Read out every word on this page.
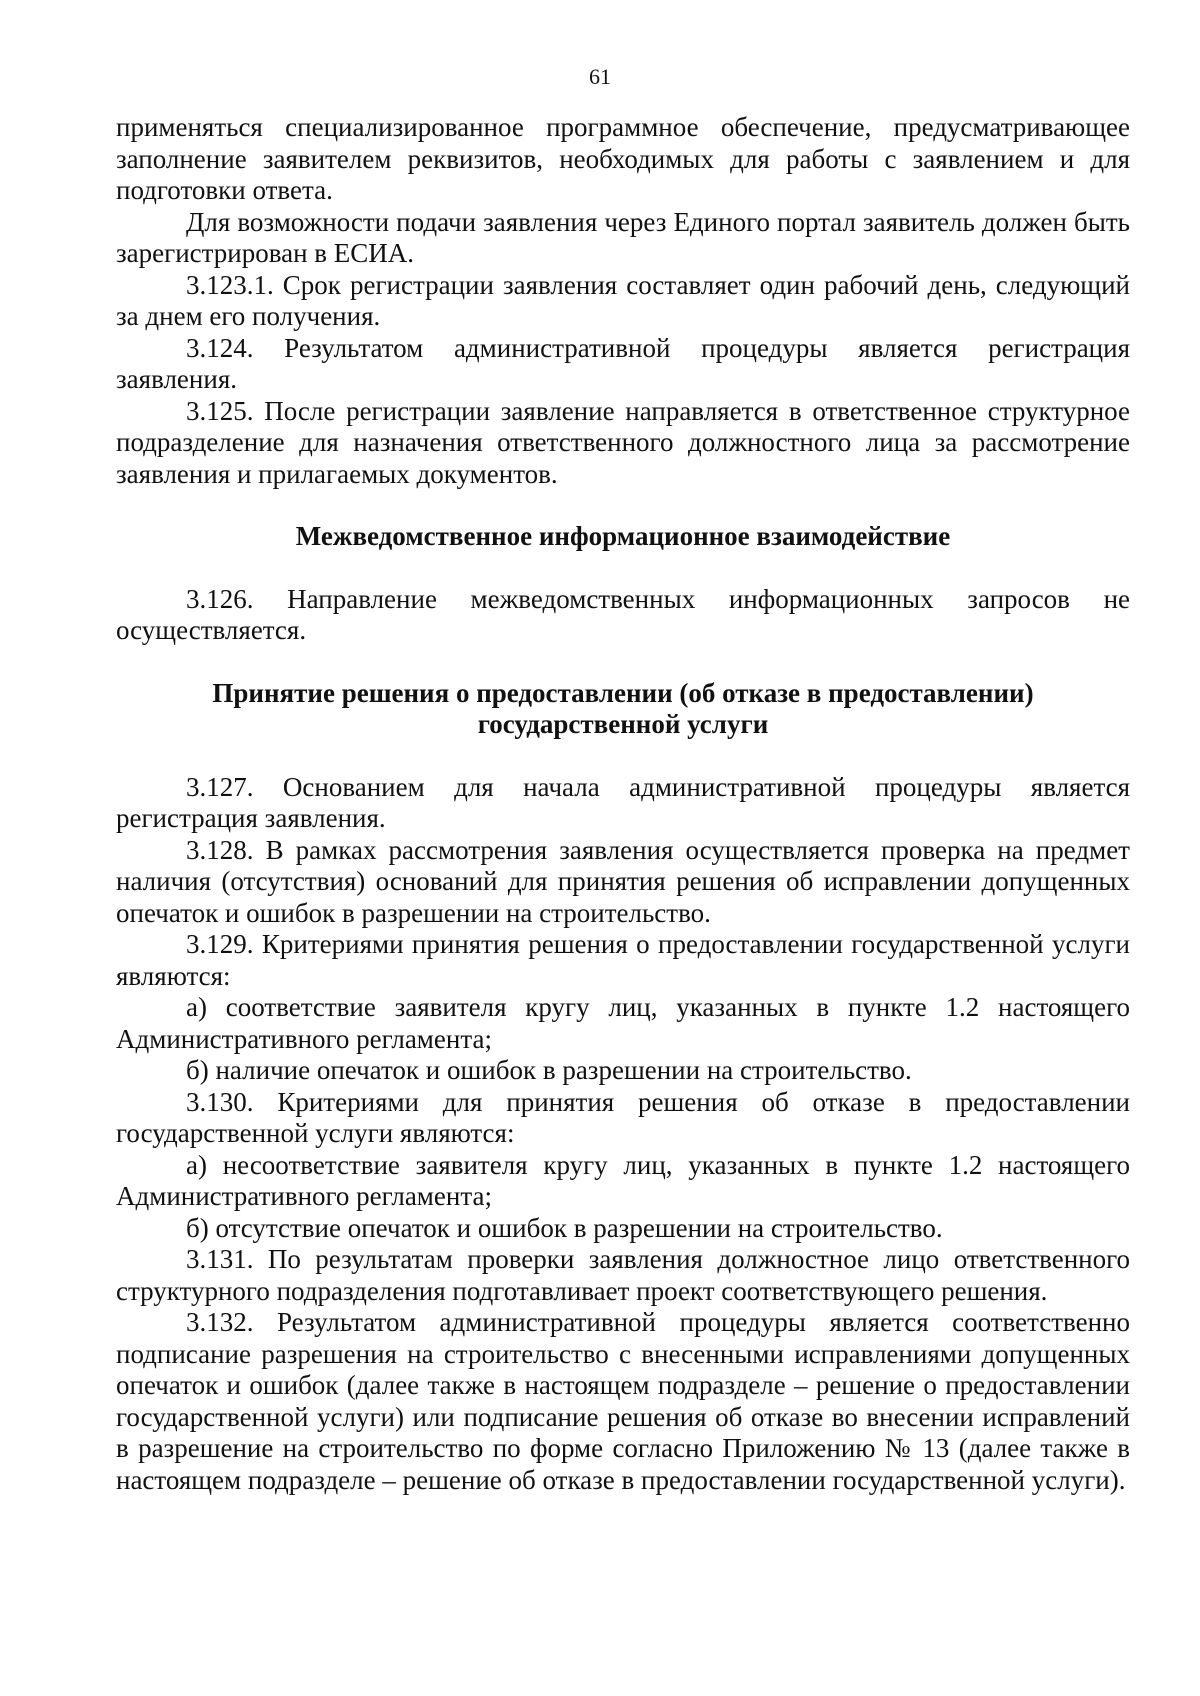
61

применяться специализированное программное обеспечение, предусматривающее заполнение заявителем реквизитов, необходимых для работы с заявлением и для подготовки ответа.

Для возможности подачи заявления через Единого портал заявитель должен быть зарегистрирован в ЕСИА.

3.123.1. Срок регистрации заявления составляет один рабочий день, следующий за днем его получения.

3.124. Результатом административной процедуры является регистрация заявления.

3.125. После регистрации заявление направляется в ответственное структурное подразделение для назначения ответственного должностного лица за рассмотрение заявления и прилагаемых документов.

Межведомственное информационное взаимодействие

3.126. Направление межведомственных информационных запросов не осуществляется.

Принятие решения о предоставлении (об отказе в предоставлении)
государственной услуги

3.127. Основанием для начала административной процедуры является регистрация заявления.

3.128. В рамках рассмотрения заявления осуществляется проверка на предмет наличия (отсутствия) оснований для принятия решения об исправлении допущенных опечаток и ошибок в разрешении на строительство.

3.129. Критериями принятия решения о предоставлении государственной услуги являются:

а) соответствие заявителя кругу лиц, указанных в пункте 1.2 настоящего Административного регламента;

б) наличие опечаток и ошибок в разрешении на строительство.

3.130. Критериями для принятия решения об отказе в предоставлении государственной услуги являются:

а) несоответствие заявителя кругу лиц, указанных в пункте 1.2 настоящего Административного регламента;

б) отсутствие опечаток и ошибок в разрешении на строительство.

3.131. По результатам проверки заявления должностное лицо ответственного структурного подразделения подготавливает проект соответствующего решения.

3.132. Результатом административной процедуры является соответственно подписание разрешения на строительство с внесенными исправлениями допущенных опечаток и ошибок (далее также в настоящем подразделе – решение о предоставлении государственной услуги) или подписание решения об отказе во внесении исправлений в разрешение на строительство по форме согласно Приложению № 13 (далее также в настоящем подразделе – решение об отказе в предоставлении государственной услуги).
